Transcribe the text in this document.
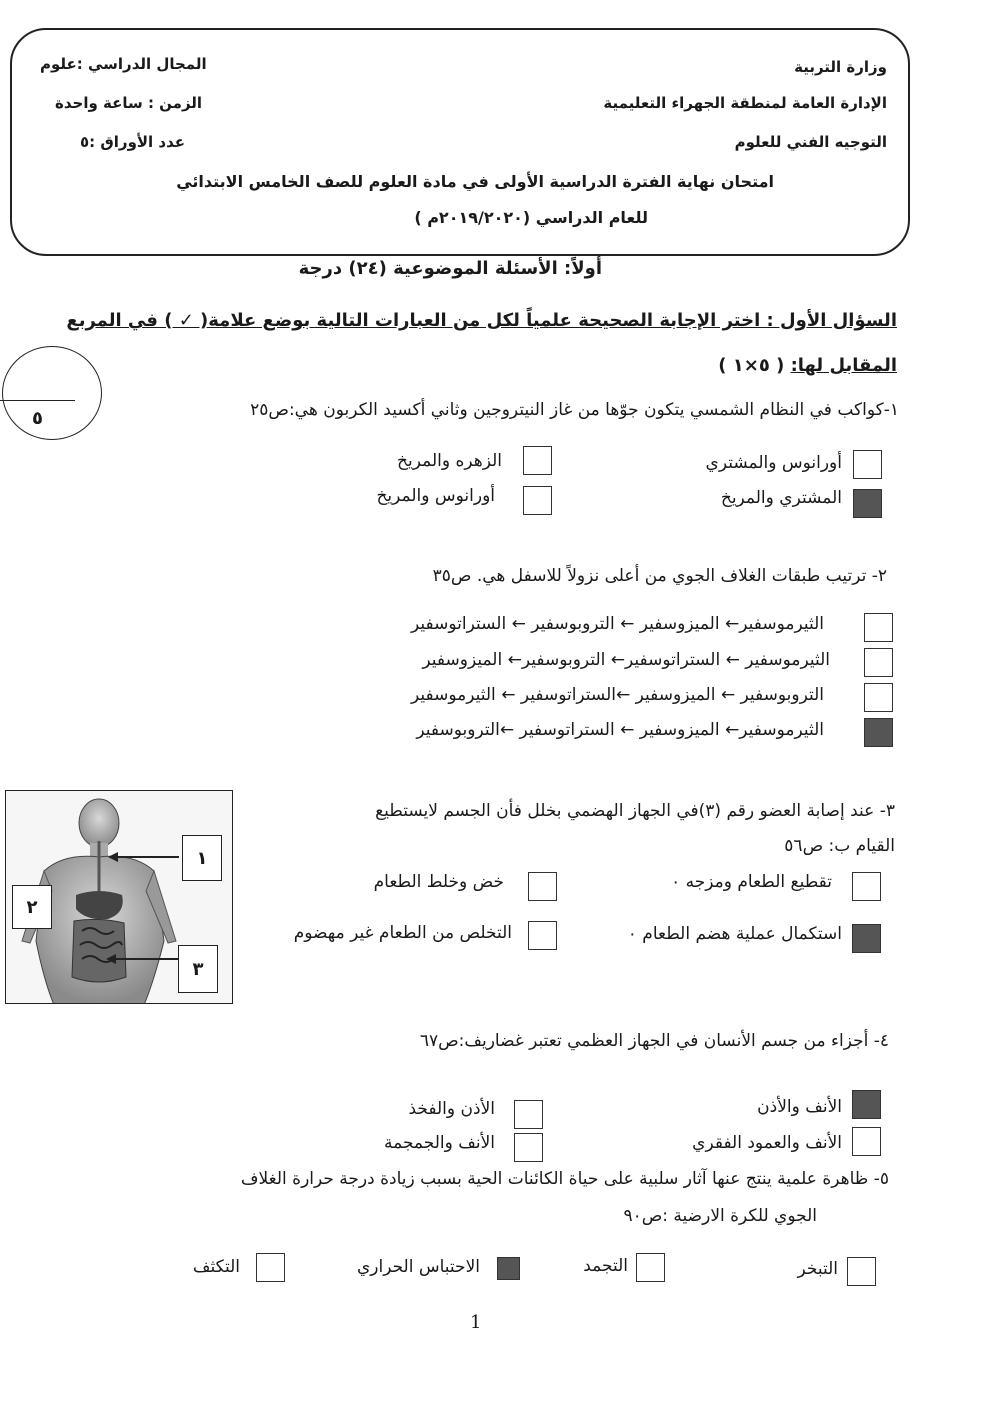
وزارة التربية
الإدارة العامة لمنطقة الجهراء التعليمية
التوجيه الفني للعلوم
المجال الدراسي :علوم
الزمن : ساعة واحدة
عدد الأوراق :٥
امتحان نهاية الفترة الدراسية الأولى في مادة العلوم للصف الخامس الابتدائي
للعام الدراسي (٢٠١٩/٢٠٢٠م )
أولاً: الأسئلة الموضوعية (٢٤) درجة
السؤال الأول : اختر الإجابة الصحيحة علمياً لكل من العبارات التالية بوضع علامة( ✓ ) في المربع
المقابل لها: ( ٥×١ )
٥	١-كواكب في النظام الشمسي يتكون جوّها من غاز النيتروجين وثاني أكسيد الكربون هي:ص٢٥
أورانوس والمشتري
الزهره والمريخ
المشتري والمريخ
أورانوس والمريخ
٢- ترتيب طبقات الغلاف الجوي من أعلى نزولاً للاسفل هي. ص٣٥
الثيرموسفير← الميزوسفير ← التروبوسفير ← الستراتوسفير
الثيرموسفير ← الستراتوسفير← التروبوسفير← الميزوسفير
التروبوسفير ← الميزوسفير ←الستراتوسفير ← الثيرموسفير
الثيرموسفير← الميزوسفير ← الستراتوسفير ←التروبوسفير
٣- عند إصابة العضو رقم (٣)في الجهاز الهضمي بخلل فأن الجسم لايستطيع
القيام ب: ص٥٦
تقطيع الطعام ومزجه ٠
خض وخلط الطعام
استكمال عملية هضم الطعام ٠
التخلص من الطعام غير مهضوم
١
٢
٣
٤- أجزاء من جسم الأنسان في الجهاز العظمي تعتبر غضاريف:ص٦٧
الأنف والأذن
الأذن والفخذ
الأنف والعمود الفقري
الأنف والجمجمة
٥- ظاهرة علمية ينتج عنها آثار سلبية على حياة الكائنات الحية بسبب زيادة درجة حرارة الغلاف
الجوي للكرة الارضية :ص٩٠
التبخر
التجمد
الاحتباس الحراري
التكثف
1
